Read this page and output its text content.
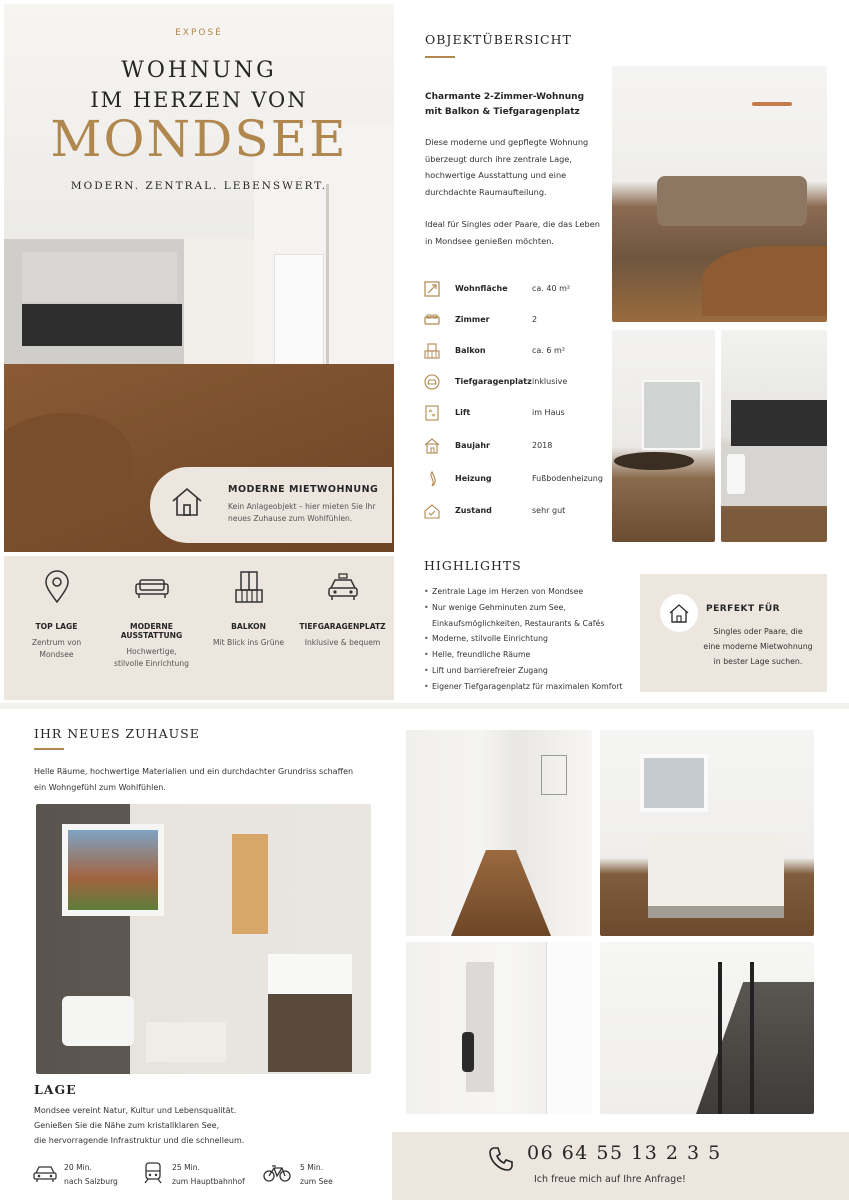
EXPOSÉ
WOHNUNG
IM HERZEN VON
MONDSEE
MODERN. ZENTRAL. LEBENSWERT.
MODERNE MIETWOHNUNG
Kein Anlageobjekt – hier mieten Sie Ihr neues Zuhause zum Wohlfühlen.
TOP LAGE
Zentrum von
Mondsee
MODERNE AUSSTATTUNG
Hochwertige,
stilvolle Einrichtung
BALKON
Mit Blick ins Grüne
TIEFGARAGENPLATZ
Inklusive & bequem
OBJEKTÜBERSICHT
Charmante 2-Zimmer-Wohnung
mit Balkon & Tiefgaragenplatz
Diese moderne und gepflegte Wohnung überzeugt durch ihre zentrale Lage, hochwertige Ausstattung und eine durchdachte Raumaufteilung.
Ideal für Singles oder Paare, die das Leben in Mondsee genießen möchten.
Wohnfläche	ca. 40 m²
Zimmer	2
Balkon	ca. 6 m²
Tiefgaragenplatz inklusive
Lift	im Haus
Baujahr	2018
Heizung	Fußbodenheizung
Zustand	sehr gut
HIGHLIGHTS
• Zentrale Lage im Herzen von Mondsee
• Nur wenige Gehminuten zum See, Einkaufsmöglichkeiten, Restaurants & Cafés
• Moderne, stilvolle Einrichtung
• Helle, freundliche Räume
• Lift und barrierefreier Zugang
• Eigener Tiefgaragenplatz für maximalen Komfort
PERFEKT FÜR
Singles oder Paare, die
eine moderne Mietwohnung
in bester Lage suchen.
IHR NEUES ZUHAUSE
Helle Räume, hochwertige Materialien und ein durchdachter Grundriss schaffen ein Wohngefühl zum Wohlfühlen.
LAGE
Mondsee vereint Natur, Kultur und Lebensqualität.
Genießen Sie die Nähe zum kristallklaren See,
die hervorragende Infrastruktur und die schnelleum.
20 Min.
nach Salzburg
25 Min.
zum Hauptbahnhof
5 Min.
zum See
06 64 55 13 2 3 5
Ich freue mich auf Ihre Anfrage!
